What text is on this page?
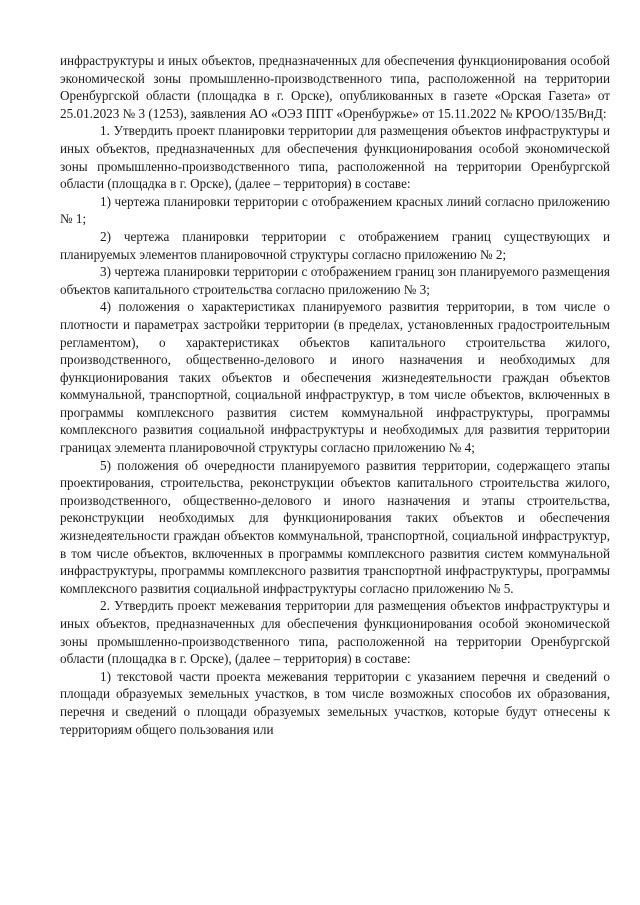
инфраструктуры и иных объектов, предназначенных для обеспечения функционирования особой экономической зоны промышленно-производственного типа, расположенной на территории Оренбургской области (площадка в г. Орске), опубликованных в газете «Орская Газета» от 25.01.2023 № 3 (1253), заявления АО «ОЭЗ ППТ «Оренбуржье» от 15.11.2022 № КРОО/135/ВнД:

1. Утвердить проект планировки территории для размещения объектов инфраструктуры и иных объектов, предназначенных для обеспечения функционирования особой экономической зоны промышленно-производственного типа, расположенной на территории Оренбургской области (площадка в г. Орске), (далее – территория) в составе:

1) чертежа планировки территории с отображением красных линий согласно приложению № 1;

2) чертежа планировки территории с отображением границ существующих и планируемых элементов планировочной структуры согласно приложению № 2;

3) чертежа планировки территории с отображением границ зон планируемого размещения объектов капитального строительства согласно приложению № 3;

4) положения о характеристиках планируемого развития территории, в том числе о плотности и параметрах застройки территории (в пределах, установленных градостроительным регламентом), о характеристиках объектов капитального строительства жилого, производственного, общественно-делового и иного назначения и необходимых для функционирования таких объектов и обеспечения жизнедеятельности граждан объектов коммунальной, транспортной, социальной инфраструктур, в том числе объектов, включенных в программы комплексного развития систем коммунальной инфраструктуры, программы комплексного развития социальной инфраструктуры и необходимых для развития территории границах элемента планировочной структуры согласно приложению № 4;

5) положения об очередности планируемого развития территории, содержащего этапы проектирования, строительства, реконструкции объектов капитального строительства жилого, производственного, общественно-делового и иного назначения и этапы строительства, реконструкции необходимых для функционирования таких объектов и обеспечения жизнедеятельности граждан объектов коммунальной, транспортной, социальной инфраструктур, в том числе объектов, включенных в программы комплексного развития систем коммунальной инфраструктуры, программы комплексного развития транспортной инфраструктуры, программы комплексного развития социальной инфраструктуры согласно приложению № 5.

2. Утвердить проект межевания территории для размещения объектов инфраструктуры и иных объектов, предназначенных для обеспечения функционирования особой экономической зоны промышленно-производственного типа, расположенной на территории Оренбургской области (площадка в г. Орске), (далее – территория) в составе:

1) текстовой части проекта межевания территории с указанием перечня и сведений о площади образуемых земельных участков, в том числе возможных способов их образования, перечня и сведений о площади образуемых земельных участков, которые будут отнесены к территориям общего пользования или
